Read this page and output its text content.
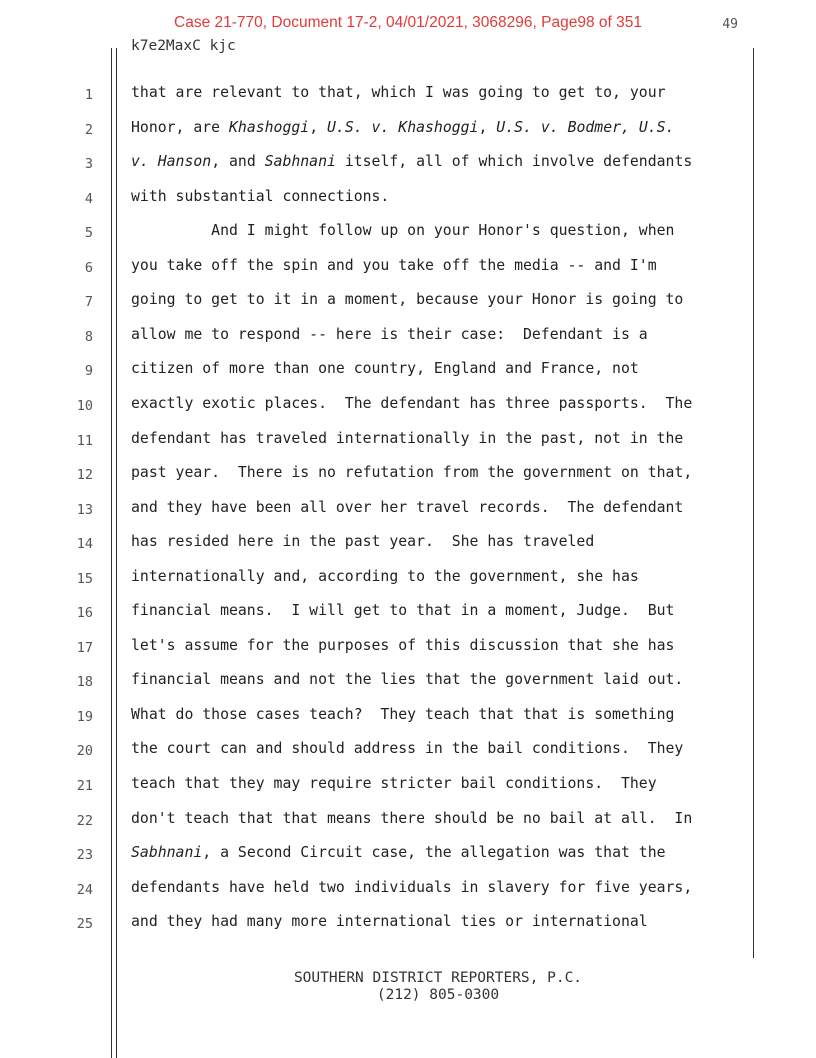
Case 21-770, Document 17-2, 04/01/2021, 3068296, Page98 of 351	49
k7e2MaxC kjc
1	that are relevant to that, which I was going to get to, your
2	Honor, are Khashoggi, U.S. v. Khashoggi, U.S. v. Bodmer, U.S.
3	v. Hanson, and Sabhnani itself, all of which involve defendants
4	with substantial connections.
5	And I might follow up on your Honor's question, when
6	you take off the spin and you take off the media -- and I'm
7	going to get to it in a moment, because your Honor is going to
8	allow me to respond -- here is their case:  Defendant is a
9	citizen of more than one country, England and France, not
10	exactly exotic places.  The defendant has three passports.  The
11	defendant has traveled internationally in the past, not in the
12	past year.  There is no refutation from the government on that,
13	and they have been all over her travel records.  The defendant
14	has resided here in the past year.  She has traveled
15	internationally and, according to the government, she has
16	financial means.  I will get to that in a moment, Judge.  But
17	let's assume for the purposes of this discussion that she has
18	financial means and not the lies that the government laid out.
19	What do those cases teach?  They teach that that is something
20	the court can and should address in the bail conditions.  They
21	teach that they may require stricter bail conditions.  They
22	don't teach that that means there should be no bail at all.  In
23	Sabhnani, a Second Circuit case, the allegation was that the
24	defendants have held two individuals in slavery for five years,
25	and they had many more international ties or international
SOUTHERN DISTRICT REPORTERS, P.C.
(212) 805-0300
